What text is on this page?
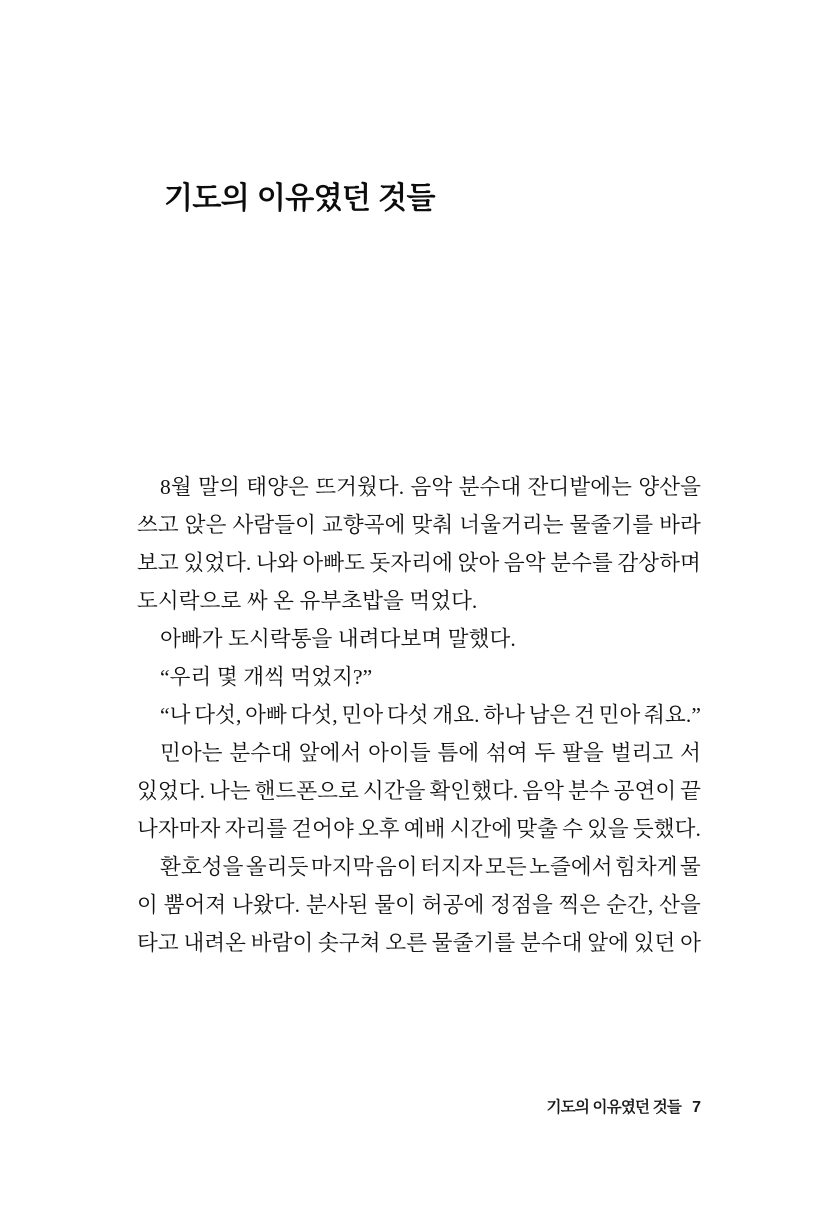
기도의 이유였던 것들
8월 말의 태양은 뜨거웠다. 음악 분수대 잔디밭에는 양산을
쓰고 앉은 사람들이 교향곡에 맞춰 너울거리는 물줄기를 바라
보고 있었다. 나와 아빠도 돗자리에 앉아 음악 분수를 감상하며
도시락으로 싸 온 유부초밥을 먹었다.
아빠가 도시락통을 내려다보며 말했다.
“우리 몇 개씩 먹었지?”
“나 다섯, 아빠 다섯, 민아 다섯 개요. 하나 남은 건 민아 줘요.”
민아는 분수대 앞에서 아이들 틈에 섞여 두 팔을 벌리고 서
있었다. 나는 핸드폰으로 시간을 확인했다. 음악 분수 공연이 끝
나자마자 자리를 걷어야 오후 예배 시간에 맞출 수 있을 듯했다.
환호성을 올리듯 마지막 음이 터지자 모든 노즐에서 힘차게 물
이 뿜어져 나왔다. 분사된 물이 허공에 정점을 찍은 순간, 산을
타고 내려온 바람이 솟구쳐 오른 물줄기를 분수대 앞에 있던 아
기도의 이유였던 것들 7
